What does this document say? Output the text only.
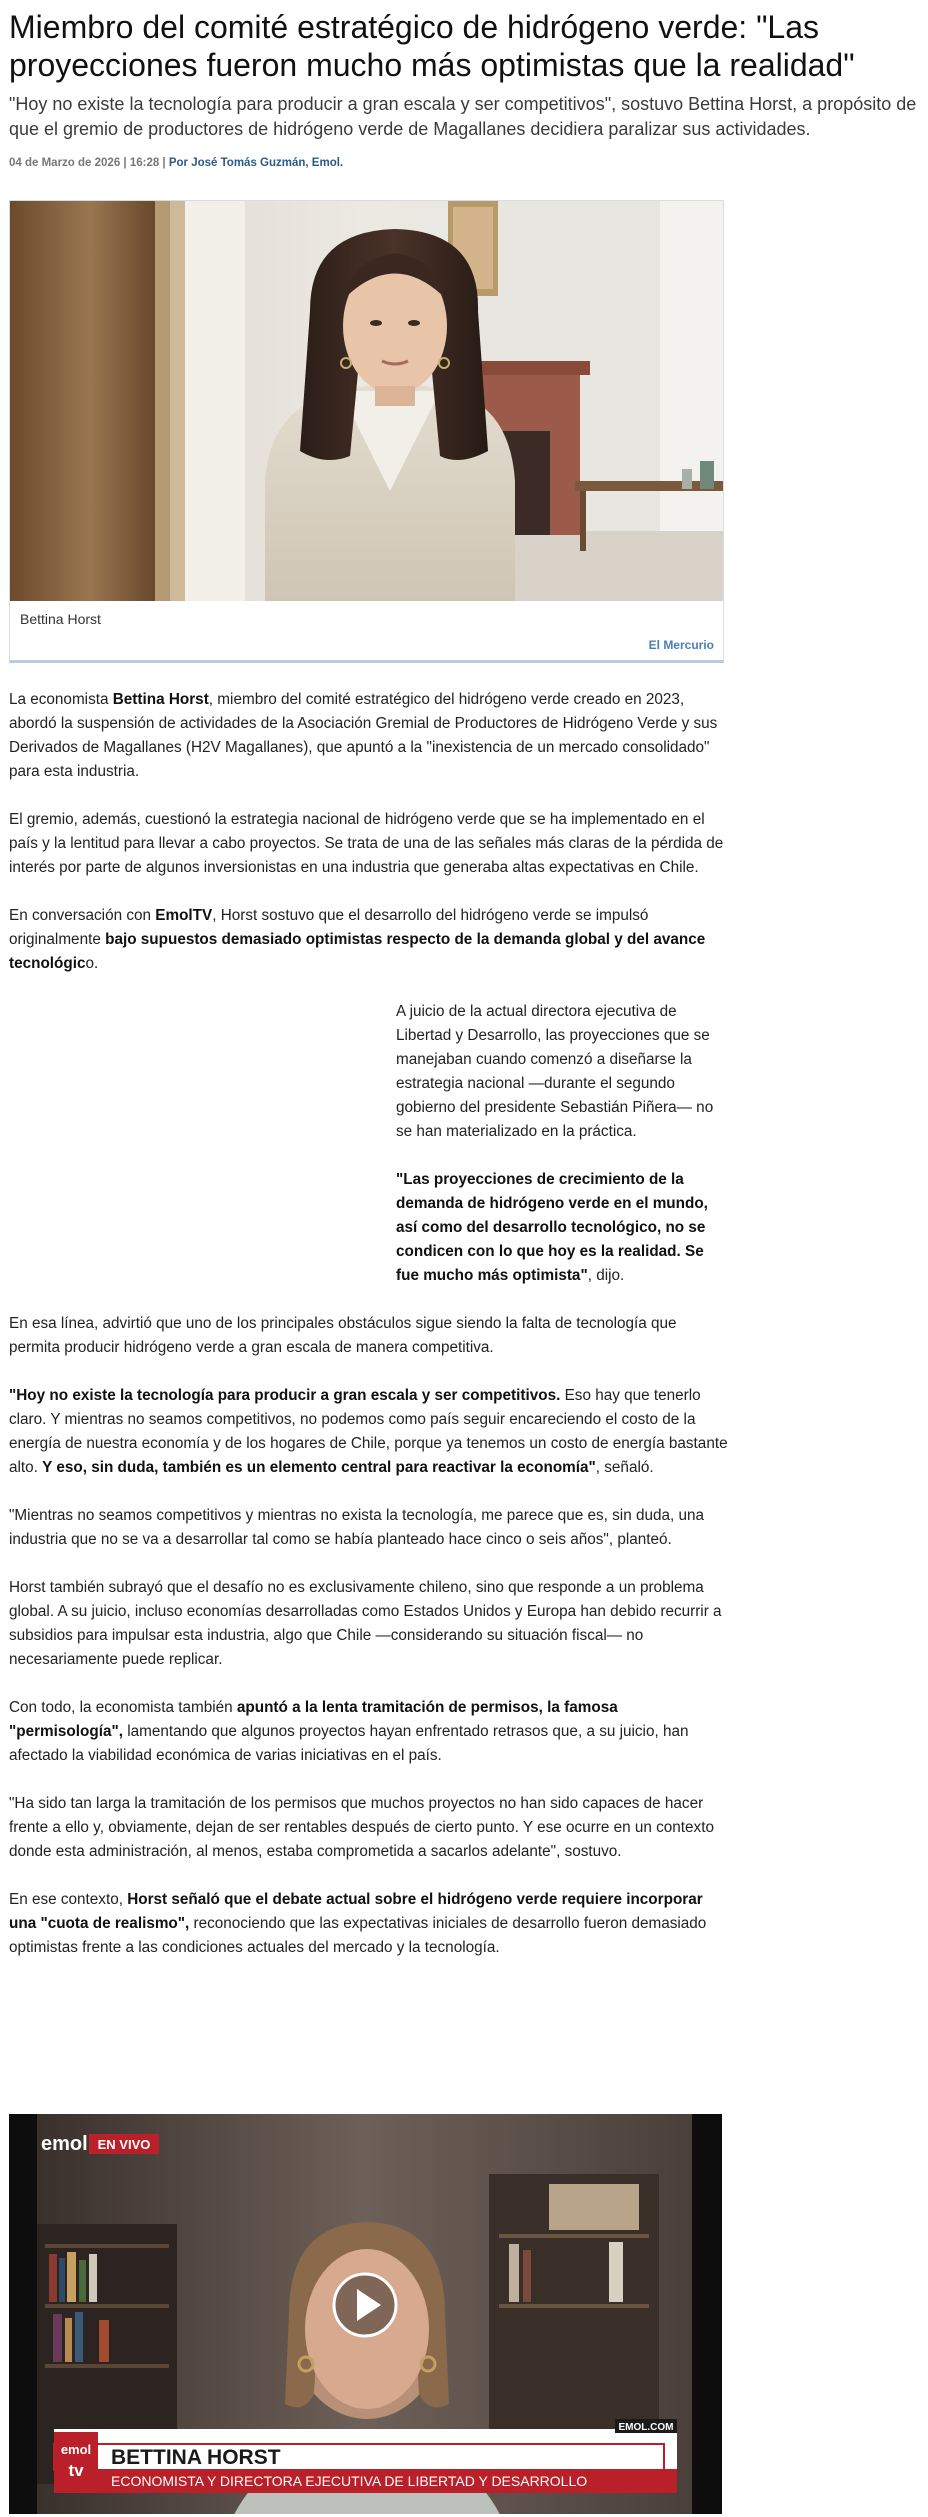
Miembro del comité estratégico de hidrógeno verde: "Las proyecciones fueron mucho más optimistas que la realidad"
"Hoy no existe la tecnología para producir a gran escala y ser competitivos", sostuvo Bettina Horst, a propósito de que el gremio de productores de hidrógeno verde de Magallanes decidiera paralizar sus actividades.
04 de Marzo de 2026 | 16:28 | Por José Tomás Guzmán, Emol.
Bettina Horst
El Mercurio

La economista Bettina Horst, miembro del comité estratégico del hidrógeno verde creado en 2023, abordó la suspensión de actividades de la Asociación Gremial de Productores de Hidrógeno Verde y sus Derivados de Magallanes (H2V Magallanes), que apuntó a la "inexistencia de un mercado consolidado" para esta industria.

El gremio, además, cuestionó la estrategia nacional de hidrógeno verde que se ha implementado en el país y la lentitud para llevar a cabo proyectos. Se trata de una de las señales más claras de la pérdida de interés por parte de algunos inversionistas en una industria que generaba altas expectativas en Chile.

En conversación con EmolTV, Horst sostuvo que el desarrollo del hidrógeno verde se impulsó originalmente bajo supuestos demasiado optimistas respecto de la demanda global y del avance tecnológico.

A juicio de la actual directora ejecutiva de Libertad y Desarrollo, las proyecciones que se manejaban cuando comenzó a diseñarse la estrategia nacional —durante el segundo gobierno del presidente Sebastián Piñera— no se han materializado en la práctica.

"Las proyecciones de crecimiento de la demanda de hidrógeno verde en el mundo, así como del desarrollo tecnológico, no se condicen con lo que hoy es la realidad. Se fue mucho más optimista", dijo.

En esa línea, advirtió que uno de los principales obstáculos sigue siendo la falta de tecnología que permita producir hidrógeno verde a gran escala de manera competitiva.

"Hoy no existe la tecnología para producir a gran escala y ser competitivos. Eso hay que tenerlo claro. Y mientras no seamos competitivos, no podemos como país seguir encareciendo el costo de la energía de nuestra economía y de los hogares de Chile, porque ya tenemos un costo de energía bastante alto. Y eso, sin duda, también es un elemento central para reactivar la economía", señaló.

"Mientras no seamos competitivos y mientras no exista la tecnología, me parece que es, sin duda, una industria que no se va a desarrollar tal como se había planteado hace cinco o seis años", planteó.

Horst también subrayó que el desafío no es exclusivamente chileno, sino que responde a un problema global. A su juicio, incluso economías desarrolladas como Estados Unidos y Europa han debido recurrir a subsidios para impulsar esta industria, algo que Chile —considerando su situación fiscal— no necesariamente puede replicar.

Con todo, la economista también apuntó a la lenta tramitación de permisos, la famosa "permisología", lamentando que algunos proyectos hayan enfrentado retrasos que, a su juicio, han afectado la viabilidad económica de varias iniciativas en el país.

"Ha sido tan larga la tramitación de los permisos que muchos proyectos no han sido capaces de hacer frente a ello y, obviamente, dejan de ser rentables después de cierto punto. Y ese ocurre en un contexto donde esta administración, al menos, estaba comprometida a sacarlos adelante", sostuvo.

En ese contexto, Horst señaló que el debate actual sobre el hidrógeno verde requiere incorporar una "cuota de realismo", reconociendo que las expectativas iniciales de desarrollo fueron demasiado optimistas frente a las condiciones actuales del mercado y la tecnología.

emol EN VIVO
EMOL.COM
emol
tv
BETTINA HORST
ECONOMISTA Y DIRECTORA EJECUTIVA DE LIBERTAD Y DESARROLLO
